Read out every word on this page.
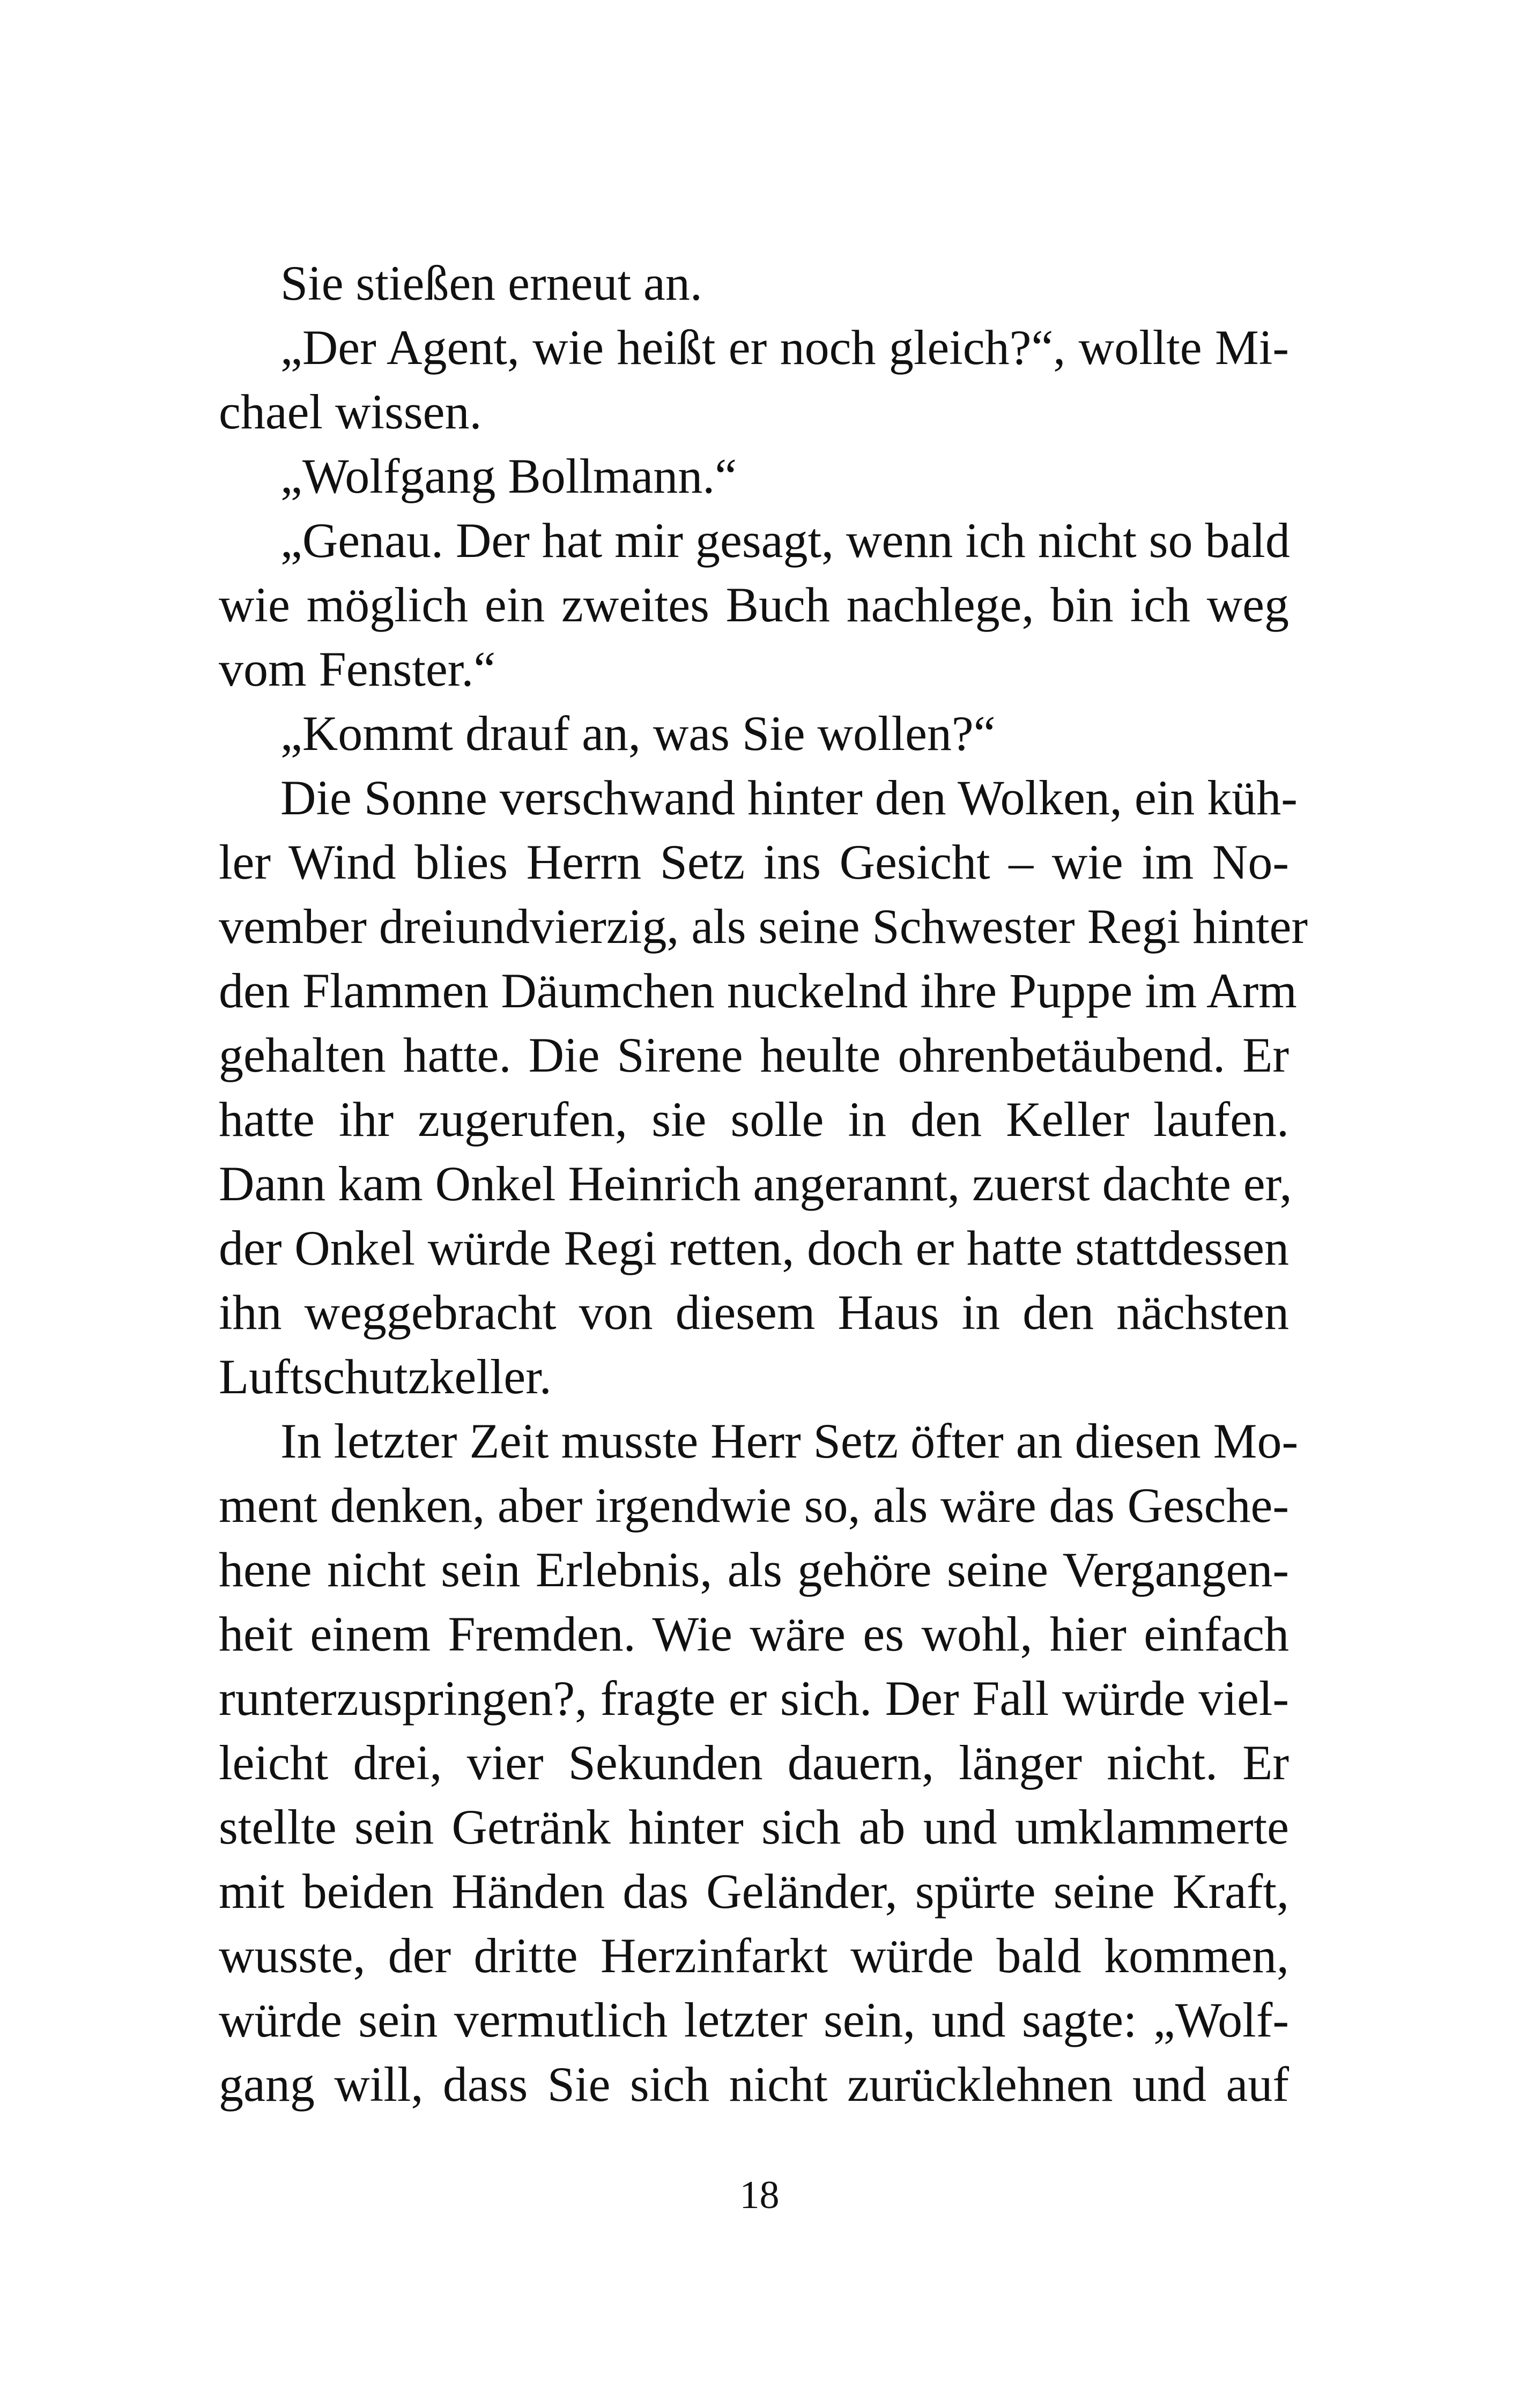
Sie stießen erneut an.
„Der Agent, wie heißt er noch gleich?“, wollte Mi-
chael wissen.
„Wolfgang Bollmann.“
„Genau. Der hat mir gesagt, wenn ich nicht so bald
wie möglich ein zweites Buch nachlege, bin ich weg
vom Fenster.“
„Kommt drauf an, was Sie wollen?“
Die Sonne verschwand hinter den Wolken, ein küh-
ler Wind blies Herrn Setz ins Gesicht – wie im No-
vember dreiundvierzig, als seine Schwester Regi hinter
den Flammen Däumchen nuckelnd ihre Puppe im Arm
gehalten hatte. Die Sirene heulte ohrenbetäubend. Er
hatte ihr zugerufen, sie solle in den Keller laufen.
Dann kam Onkel Heinrich angerannt, zuerst dachte er,
der Onkel würde Regi retten, doch er hatte stattdessen
ihn weggebracht von diesem Haus in den nächsten
Luftschutzkeller.
In letzter Zeit musste Herr Setz öfter an diesen Mo-
ment denken, aber irgendwie so, als wäre das Gesche-
hene nicht sein Erlebnis, als gehöre seine Vergangen-
heit einem Fremden. Wie wäre es wohl, hier einfach
runterzuspringen?, fragte er sich. Der Fall würde viel-
leicht drei, vier Sekunden dauern, länger nicht. Er
stellte sein Getränk hinter sich ab und umklammerte
mit beiden Händen das Geländer, spürte seine Kraft,
wusste, der dritte Herzinfarkt würde bald kommen,
würde sein vermutlich letzter sein, und sagte: „Wolf-
gang will, dass Sie sich nicht zurücklehnen und auf
18
